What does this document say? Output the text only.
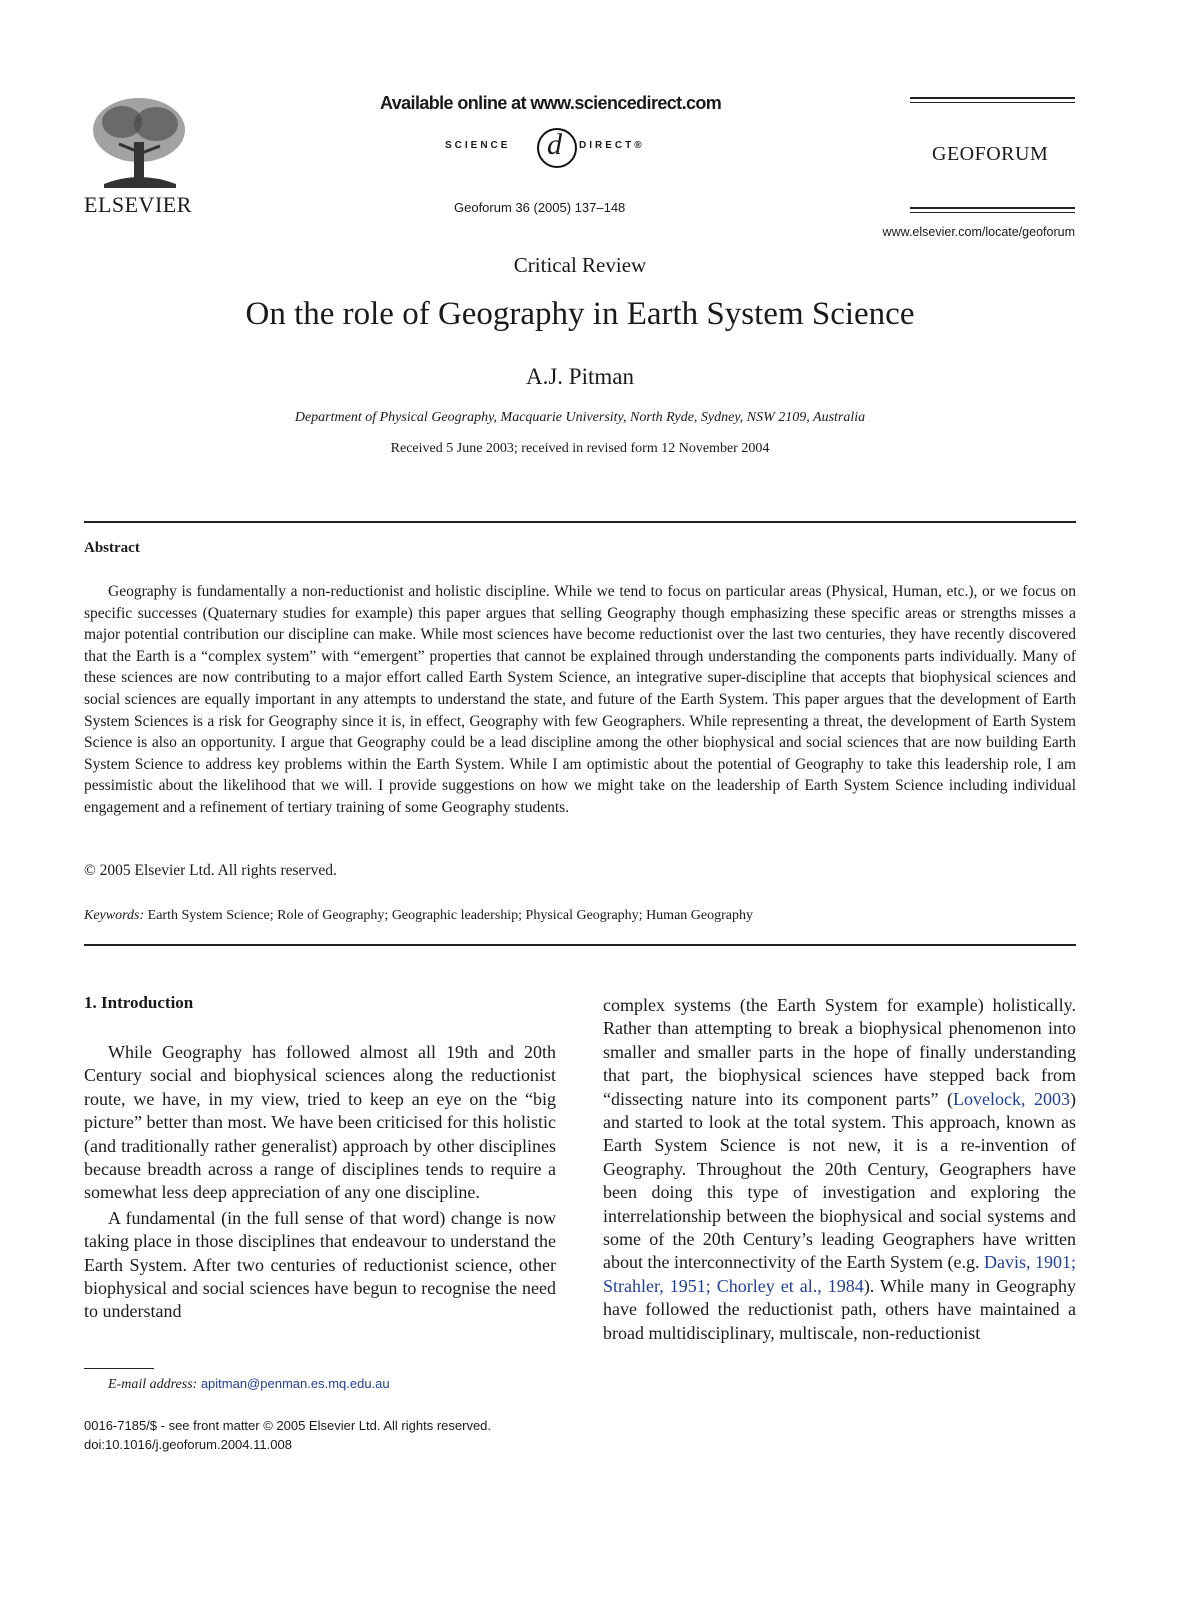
ELSEVIER
Available online at www.sciencedirect.com
SCIENCE d DIRECT®
Geoforum 36 (2005) 137–148
GEOFORUM
www.elsevier.com/locate/geoforum
Critical Review
On the role of Geography in Earth System Science
A.J. Pitman
Department of Physical Geography, Macquarie University, North Ryde, Sydney, NSW 2109, Australia
Received 5 June 2003; received in revised form 12 November 2004
Abstract
Geography is fundamentally a non-reductionist and holistic discipline. While we tend to focus on particular areas (Physical, Human, etc.), or we focus on specific successes (Quaternary studies for example) this paper argues that selling Geography though emphasizing these specific areas or strengths misses a major potential contribution our discipline can make. While most sciences have become reductionist over the last two centuries, they have recently discovered that the Earth is a “complex system” with “emergent” properties that cannot be explained through understanding the components parts individually. Many of these sciences are now contributing to a major effort called Earth System Science, an integrative super-discipline that accepts that biophysical sciences and social sciences are equally important in any attempts to understand the state, and future of the Earth System. This paper argues that the development of Earth System Sciences is a risk for Geography since it is, in effect, Geography with few Geographers. While representing a threat, the development of Earth System Science is also an opportunity. I argue that Geography could be a lead discipline among the other biophysical and social sciences that are now building Earth System Science to address key problems within the Earth System. While I am optimistic about the potential of Geography to take this leadership role, I am pessimistic about the likelihood that we will. I provide suggestions on how we might take on the leadership of Earth System Science including individual engagement and a refinement of tertiary training of some Geography students.
© 2005 Elsevier Ltd. All rights reserved.
Keywords: Earth System Science; Role of Geography; Geographic leadership; Physical Geography; Human Geography
1. Introduction

While Geography has followed almost all 19th and 20th Century social and biophysical sciences along the reductionist route, we have, in my view, tried to keep an eye on the “big picture” better than most. We have been criticised for this holistic (and traditionally rather generalist) approach by other disciplines because breadth across a range of disciplines tends to require a somewhat less deep appreciation of any one discipline.

A fundamental (in the full sense of that word) change is now taking place in those disciplines that endeavour to understand the Earth System. After two centuries of reductionist science, other biophysical and social sciences have begun to recognise the need to understand

complex systems (the Earth System for example) holistically. Rather than attempting to break a biophysical phenomenon into smaller and smaller parts in the hope of finally understanding that part, the biophysical sciences have stepped back from “dissecting nature into its component parts” (Lovelock, 2003) and started to look at the total system. This approach, known as Earth System Science is not new, it is a re-invention of Geography. Throughout the 20th Century, Geographers have been doing this type of investigation and exploring the interrelationship between the biophysical and social systems and some of the 20th Century’s leading Geographers have written about the interconnectivity of the Earth System (e.g. Davis, 1901; Strahler, 1951; Chorley et al., 1984). While many in Geography have followed the reductionist path, others have maintained a broad multidisciplinary, multiscale, non-reductionist

E-mail address: apitman@penman.es.mq.edu.au
0016-7185/$ - see front matter © 2005 Elsevier Ltd. All rights reserved.
doi:10.1016/j.geoforum.2004.11.008
